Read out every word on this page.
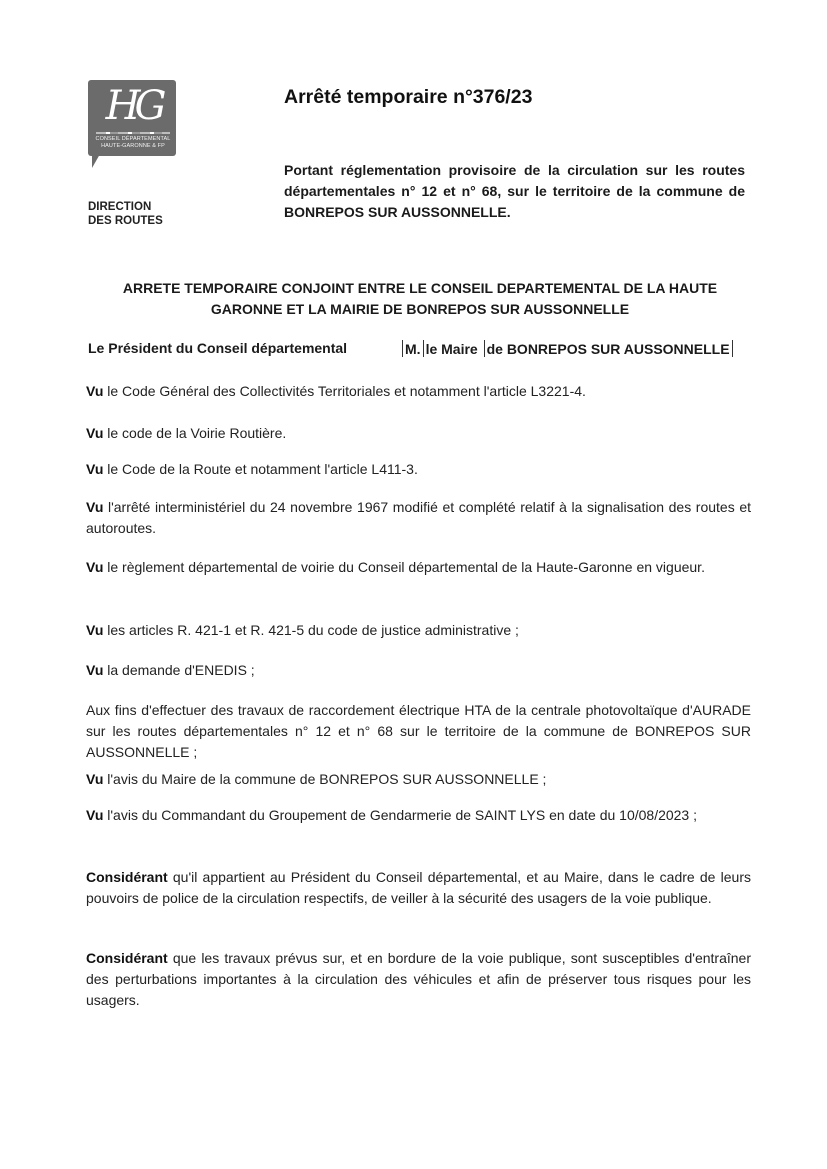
HG
CONSEIL DÉPARTEMENTAL
HAUTE-GARONNE & FP
DIRECTION
DES ROUTES
Arrêté temporaire n°376/23
Portant réglementation provisoire de la circulation sur les routes départementales n° 12 et n° 68, sur le territoire de la commune de BONREPOS SUR AUSSONNELLE.
ARRETE TEMPORAIRE CONJOINT ENTRE LE CONSEIL DEPARTEMENTAL DE LA HAUTE
GARONNE ET LA MAIRIE DE BONREPOS SUR AUSSONNELLE
Le Président du Conseil départemental	M. le Maire de BONREPOS SUR AUSSONNELLE
Vu le Code Général des Collectivités Territoriales et notamment l'article L3221-4.
Vu le code de la Voirie Routière.
Vu le Code de la Route et notamment l'article L411-3.
Vu l'arrêté interministériel du 24 novembre 1967 modifié et complété relatif à la signalisation des routes et autoroutes.
Vu le règlement départemental de voirie du Conseil départemental de la Haute-Garonne en vigueur.
Vu les articles R. 421-1 et R. 421-5 du code de justice administrative ;
Vu la demande d'ENEDIS ;
Aux fins d'effectuer des travaux de raccordement électrique HTA de la centrale photovoltaïque d'AURADE sur les routes départementales n° 12 et n° 68 sur le territoire de la commune de BONREPOS SUR AUSSONNELLE ;
Vu l'avis du Maire de la commune de BONREPOS SUR AUSSONNELLE ;
Vu l'avis du Commandant du Groupement de Gendarmerie de SAINT LYS en date du 10/08/2023 ;
Considérant qu'il appartient au Président du Conseil départemental, et au Maire, dans le cadre de leurs pouvoirs de police de la circulation respectifs, de veiller à la sécurité des usagers de la voie publique.
Considérant que les travaux prévus sur, et en bordure de la voie publique, sont susceptibles d'entraîner des perturbations importantes à la circulation des véhicules et afin de préserver tous risques pour les usagers.
